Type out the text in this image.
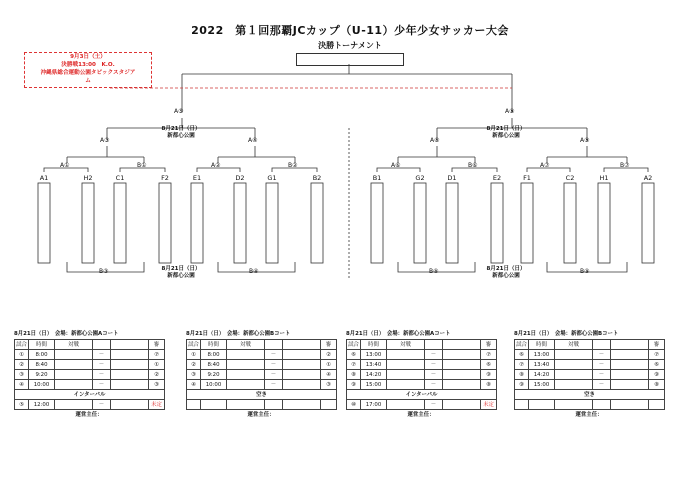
2022　第１回那覇JCカップ（U-11）少年少女サッカー大会
決勝トーナメント
9月3日（土）
決勝戦13:00　K.O.
沖縄県総合運動公園タピックスタジア
ム
A⑤	A⑨
A③	A④	A⑧	A⑨
A①	B①	A②	B②	A⑥	B⑥	A⑦	B⑦
B③	B④	B⑧	B⑨
8月21日（日）
新都心公園
8月21日（日）
新都心公園
8月21日（日）
新都心公園
8月21日（日）
新都心公園
A1	H2	C1	F2	E1	D2	G1	B2	B1	G2	D1	E2	F1	C2	H1	A2
8月21日（日）　会場：新都心公園Aコート
試合	時間	対戦			審
①	8:00		－		⑦
②	8:40		－		①
③	9:20		－		②
④	10:00		－		③
インターバル					
⑤	12:00		－		未定
運営主任：
8月21日（日）　会場：新都心公園Bコート
試合	時間	対戦			審
①	8:00		－		②
②	8:40		－		①
③	9:20		－		④
④	10:00		－		③
空き					

運営主任：
8月21日（日）　会場：新都心公園Aコート
試合	時間	対戦			審
⑥	13:00		－		⑦
⑦	13:40		－		⑥
⑧	14:20		－		⑨
⑨	15:00		－		⑧
インターバル					
⑩	17:00		－		未定
運営主任：
8月21日（日）　会場：新都心公園Bコート
試合	時間	対戦			審
⑥	13:00		－		⑦
⑦	13:40		－		⑥
⑧	14:20		－		⑨
⑨	15:00		－		⑧
空き					

運営主任：
